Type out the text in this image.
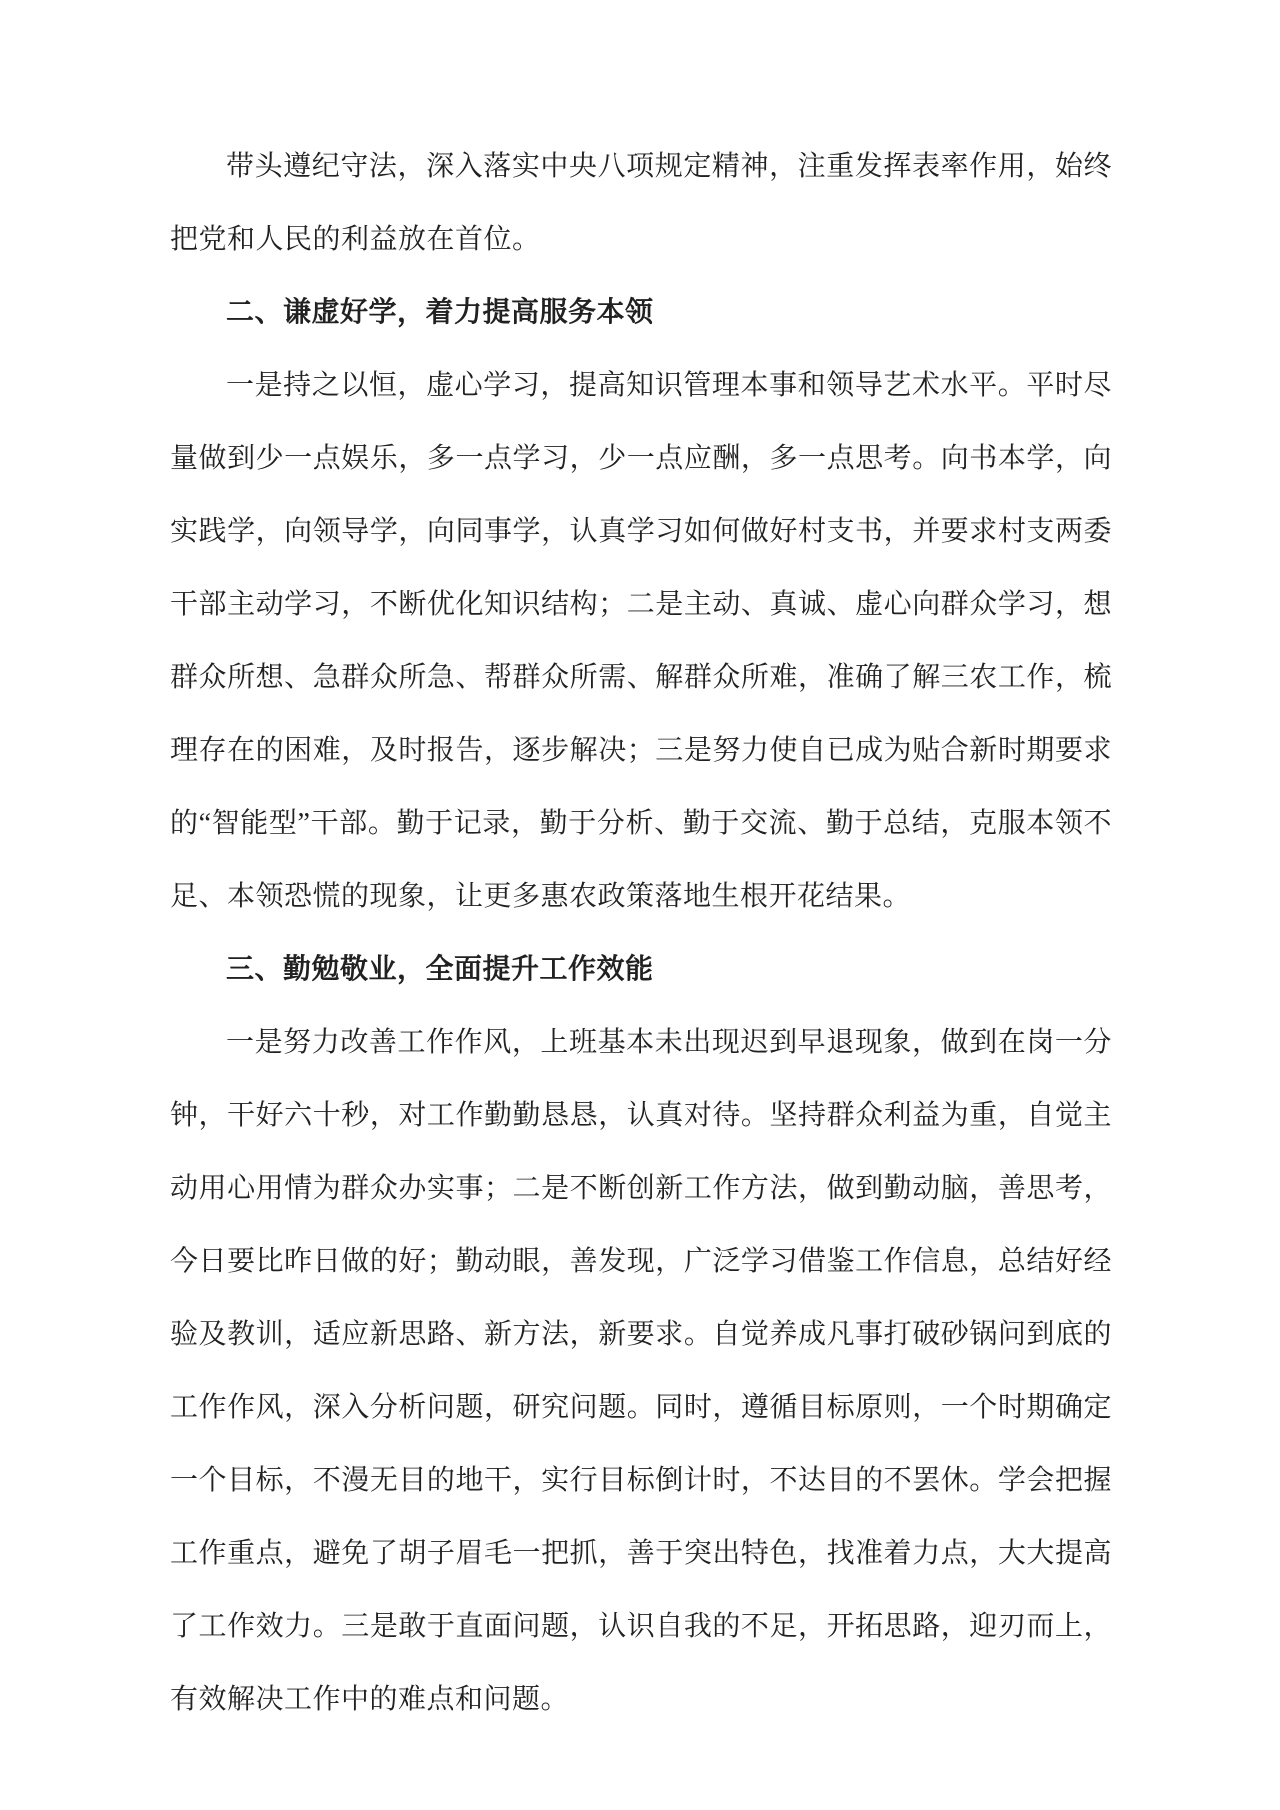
带头遵纪守法，深入落实中央八项规定精神，注重发挥表率作用，始终把党和人民的利益放在首位。

二、谦虚好学，着力提高服务本领

一是持之以恒，虚心学习，提高知识管理本事和领导艺术水平。平时尽量做到少一点娱乐，多一点学习，少一点应酬，多一点思考。向书本学，向实践学，向领导学，向同事学，认真学习如何做好村支书，并要求村支两委干部主动学习，不断优化知识结构；二是主动、真诚、虚心向群众学习，想群众所想、急群众所急、帮群众所需、解群众所难，准确了解三农工作，梳理存在的困难，及时报告，逐步解决；三是努力使自已成为贴合新时期要求的“智能型”干部。勤于记录，勤于分析、勤于交流、勤于总结，克服本领不足、本领恐慌的现象，让更多惠农政策落地生根开花结果。

三、勤勉敬业，全面提升工作效能

一是努力改善工作作风，上班基本未出现迟到早退现象，做到在岗一分钟，干好六十秒，对工作勤勤恳恳，认真对待。坚持群众利益为重，自觉主动用心用情为群众办实事；二是不断创新工作方法，做到勤动脑，善思考，今日要比昨日做的好；勤动眼，善发现，广泛学习借鉴工作信息，总结好经验及教训，适应新思路、新方法，新要求。自觉养成凡事打破砂锅问到底的工作作风，深入分析问题，研究问题。同时，遵循目标原则，一个时期确定一个目标，不漫无目的地干，实行目标倒计时，不达目的不罢休。学会把握工作重点，避免了胡子眉毛一把抓，善于突出特色，找准着力点，大大提高了工作效力。三是敢于直面问题，认识自我的不足，开拓思路，迎刃而上，有效解决工作中的难点和问题。
